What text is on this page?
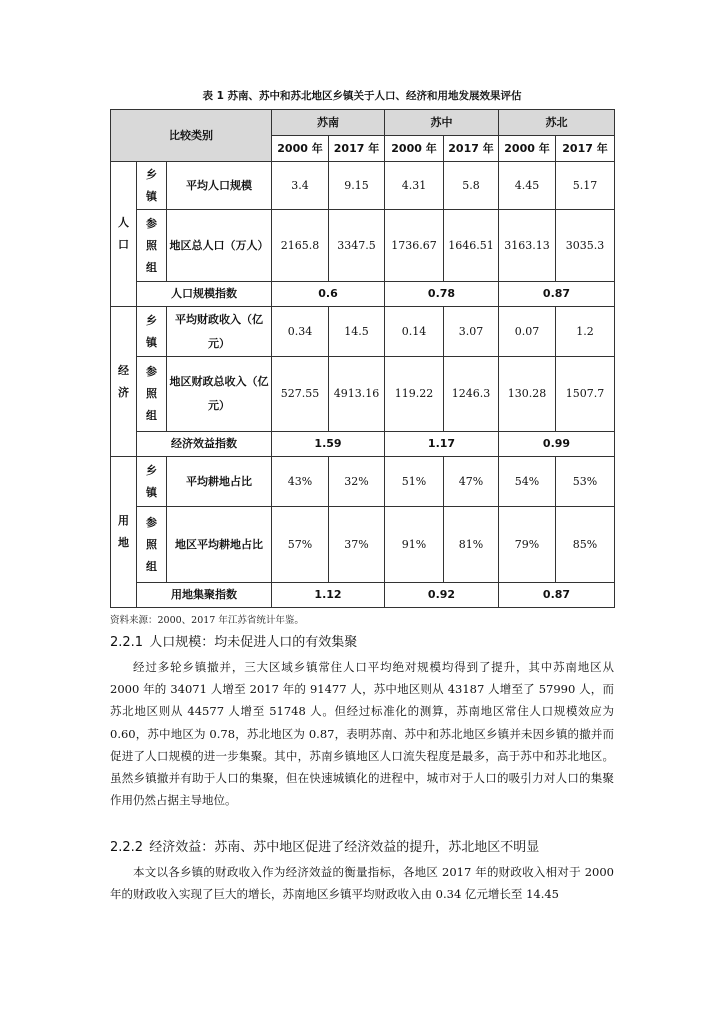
表 1 苏南、苏中和苏北地区乡镇关于人口、经济和用地发展效果评估
比较类别			苏南		苏中		苏北	
			2000 年	2017 年	2000 年	2017 年	2000 年	2017 年

人
口	乡
镇	平均人口规模	3.4	9.15	4.31	5.8	4.45	5.17

	参
照
组	地区总人口（万人）	2165.8	3347.5	1736.67	1646.51	3163.13	3035.3
	人口规模指数		0.6		0.78		0.87	

经
济	乡
镇	平均财政收入（亿元）	0.34	14.5	0.14	3.07	0.07	1.2

	参
照
组	地区财政总收入（亿元）	527.55	4913.16	119.22	1246.3	130.28	1507.7
	经济效益指数		1.59		1.17		0.99	

用
地	乡
镇	平均耕地占比	43%	32%	51%	47%	54%	53%

	参
照
组	地区平均耕地占比	57%	37%	91%	81%	79%	85%
	用地集聚指数		1.12		0.92		0.87	
资料来源：2000、2017 年江苏省统计年鉴。
2.2.1 人口规模：均未促进人口的有效集聚
经过多轮乡镇撤并，三大区域乡镇常住人口平均绝对规模均得到了提升，其中苏南地区从 2000 年的 34071 人增至 2017 年的 91477 人，苏中地区则从 43187 人增至了 57990 人，而苏北地区则从 44577 人增至 51748 人。但经过标准化的测算，苏南地区常住人口规模效应为 0.60，苏中地区为 0.78，苏北地区为 0.87，表明苏南、苏中和苏北地区乡镇并未因乡镇的撤并而促进了人口规模的进一步集聚。其中，苏南乡镇地区人口流失程度是最多，高于苏中和苏北地区。虽然乡镇撤并有助于人口的集聚，但在快速城镇化的进程中，城市对于人口的吸引力对人口的集聚作用仍然占据主导地位。
2.2.2 经济效益：苏南、苏中地区促进了经济效益的提升，苏北地区不明显
本文以各乡镇的财政收入作为经济效益的衡量指标，各地区 2017 年的财政收入相对于 2000 年的财政收入实现了巨大的增长，苏南地区乡镇平均财政收入由 0.34 亿元增长至 14.45
